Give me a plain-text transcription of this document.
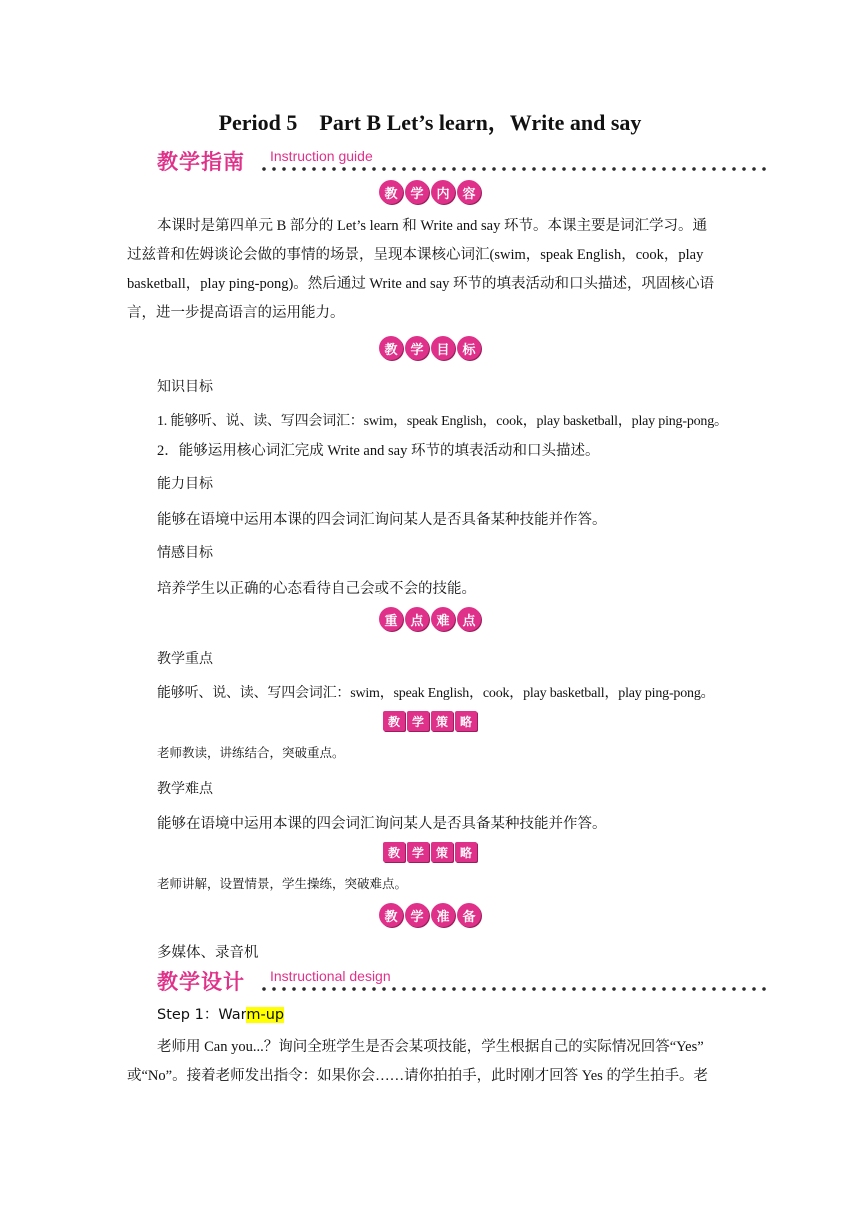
Period 5　Part B Let’s learn，Write and say
教学指南 Instruction guide
教 学 内 容
本课时是第四单元 B 部分的 Let’s learn 和 Write and say 环节。本课主要是词汇学习。通
过兹普和佐姆谈论会做的事情的场景，呈现本课核心词汇(swim，speak English，cook，play
basketball，play ping-pong)。然后通过 Write and say 环节的填表活动和口头描述，巩固核心语
言，进一步提高语言的运用能力。
教 学 目 标
知识目标
1. 能够听、说、读、写四会词汇：swim，speak English，cook，play basketball，play ping-pong。
2．能够运用核心词汇完成 Write and say 环节的填表活动和口头描述。
能力目标
能够在语境中运用本课的四会词汇询问某人是否具备某种技能并作答。
情感目标
培养学生以正确的心态看待自己会或不会的技能。
重 点 难 点
教学重点
能够听、说、读、写四会词汇：swim，speak English，cook，play basketball，play ping-pong。
教 学 策 略
老师教读，讲练结合，突破重点。
教学难点
能够在语境中运用本课的四会词汇询问某人是否具备某种技能并作答。
教 学 策 略
老师讲解，设置情景，学生操练，突破难点。
教 学 准 备
多媒体、录音机
教学设计 Instructional design
Step 1：Warm-up
老师用 Can you...？询问全班学生是否会某项技能，学生根据自己的实际情况回答“Yes”
或“No”。接着老师发出指令：如果你会……请你拍拍手，此时刚才回答 Yes 的学生拍手。老
